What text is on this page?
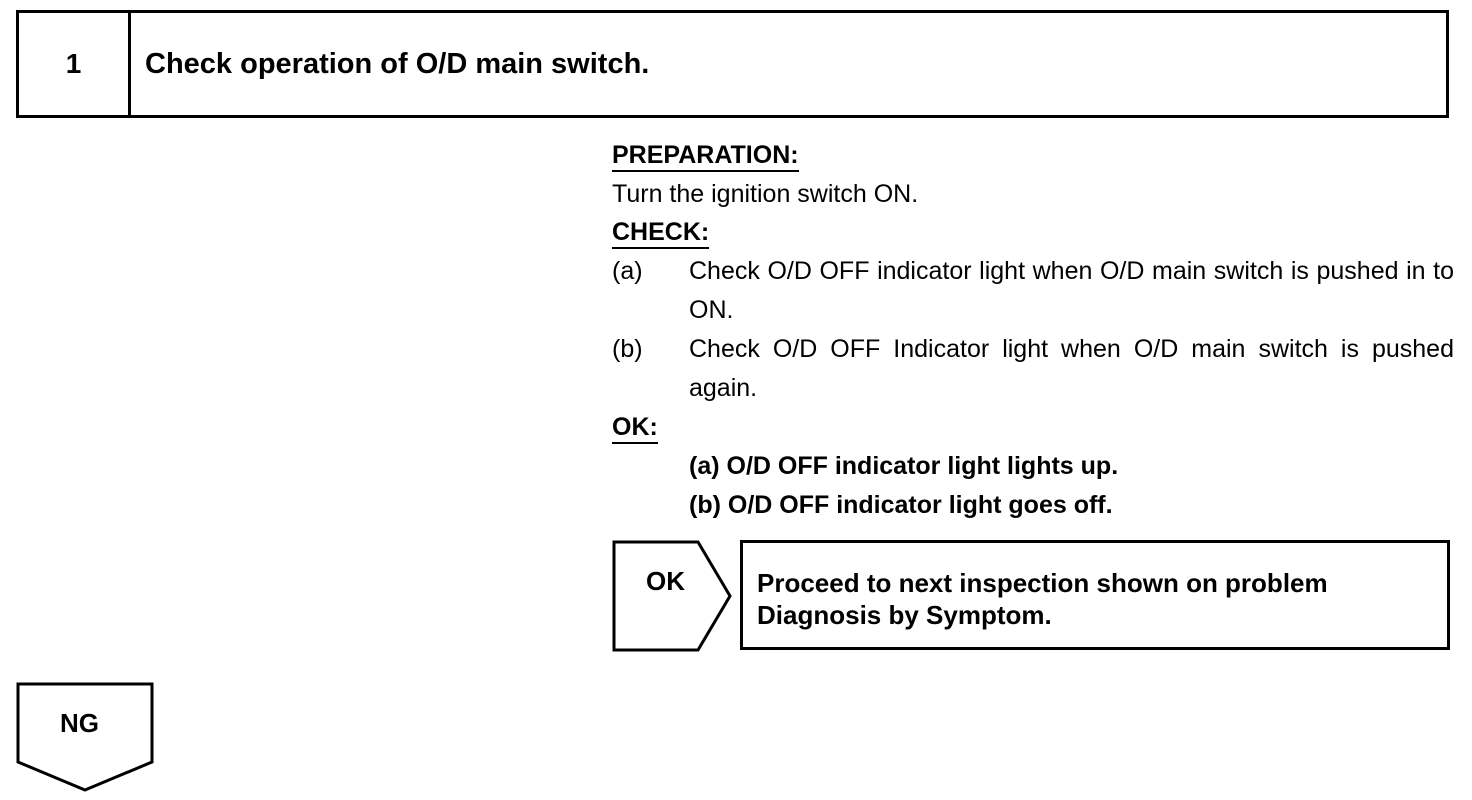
1	Check operation of O/D main switch.
PREPARATION:
Turn the ignition switch ON.
CHECK:
(a)	Check O/D OFF indicator light when O/D main switch is pushed in to ON.
(b)	Check O/D OFF Indicator light when O/D main switch is pushed again.
OK:
(a) O/D OFF indicator light lights up.
(b) O/D OFF indicator light goes off.
OK	Proceed to next inspection shown on problem
Diagnosis by Symptom.
NG
